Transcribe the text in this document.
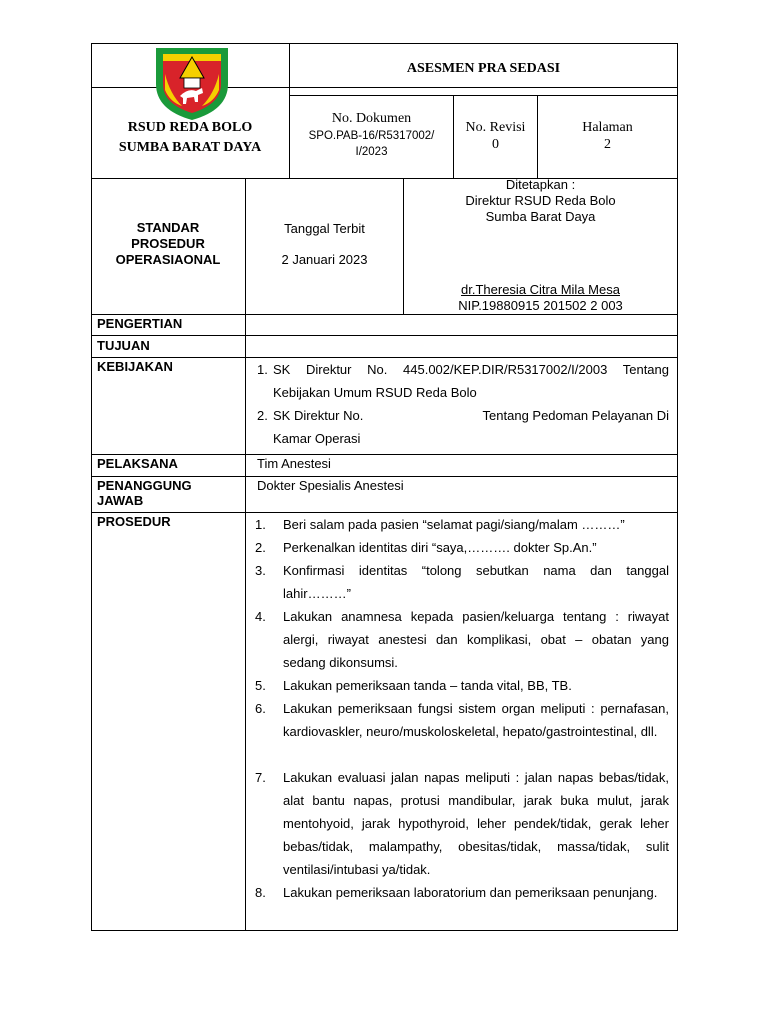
RSUD REDA BOLO
SUMBA BARAT DAYA
ASESMEN PRA SEDASI
No. Dokumen
SPO.PAB-16/R5317002/ I/2023
No. Revisi
0
Halaman
2
STANDAR PROSEDUR OPERASIAONAL
Tanggal Terbit
2 Januari 2023
Ditetapkan :
Direktur RSUD Reda Bolo
Sumba Barat Daya
dr.Theresia Citra Mila Mesa
NIP.19880915 201502 2 003
PENGERTIAN
TUJUAN
KEBIJAKAN
PELAKSANA	Tim Anestesi
PENANGGUNG JAWAB
Dokter Spesialis Anestesi
PROSEDUR
1. SK Direktur No. 445.002/KEP.DIR/R5317002/I/2003 Tentang Kebijakan Umum RSUD Reda Bolo
2. SK Direktur No.	Tentang Pedoman Pelayanan Di
Kamar Operasi
1. Beri salam pada pasien “selamat pagi/siang/malam ………”
2. Perkenalkan identitas diri “saya,………. dokter Sp.An.”
3. Konfirmasi identitas “tolong sebutkan nama dan tanggal lahir………”
4. Lakukan anamnesa kepada pasien/keluarga tentang : riwayat alergi, riwayat anestesi dan komplikasi, obat – obatan yang sedang dikonsumsi.
5. Lakukan pemeriksaan tanda – tanda vital, BB, TB.
6. Lakukan pemeriksaan fungsi sistem organ meliputi : pernafasan, kardiovaskler, neuro/muskoloskeletal, hepato/gastrointestinal, dll.
7. Lakukan evaluasi jalan napas meliputi : jalan napas bebas/tidak, alat bantu napas, protusi mandibular, jarak buka mulut, jarak mentohyoid, jarak hypothyroid, leher pendek/tidak, gerak leher bebas/tidak, malampathy, obesitas/tidak, massa/tidak, sulit ventilasi/intubasi ya/tidak.
8. Lakukan pemeriksaan laboratorium dan pemeriksaan penunjang.
